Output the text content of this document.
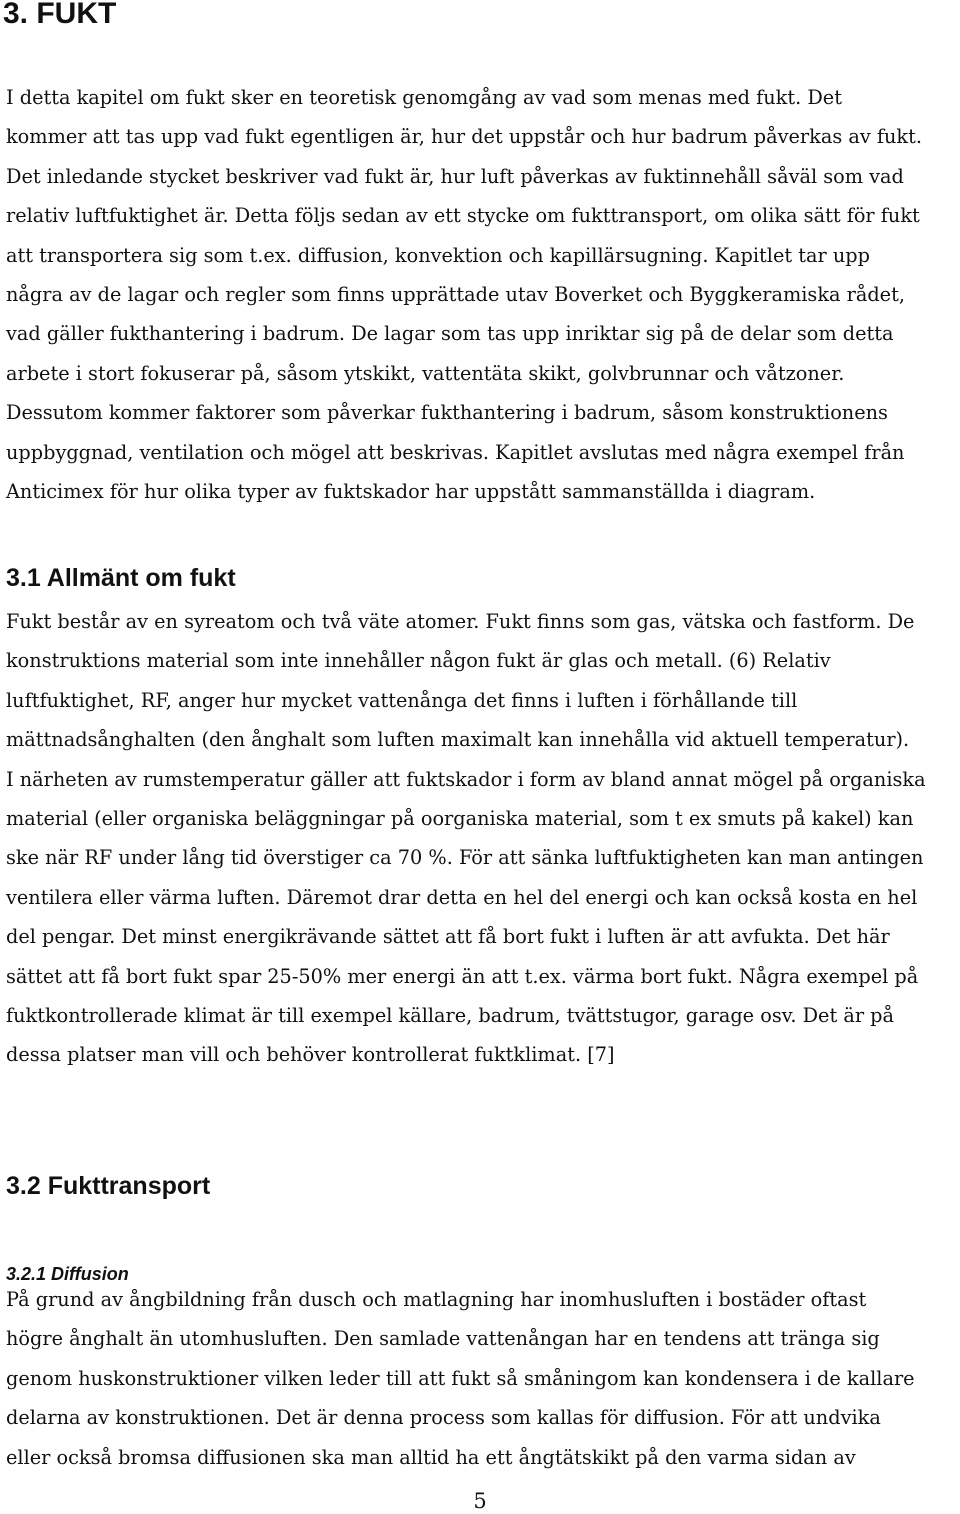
3. FUKT
I detta kapitel om fukt sker en teoretisk genomgång av vad som menas med fukt. Det
kommer att tas upp vad fukt egentligen är, hur det uppstår och hur badrum påverkas av fukt.
Det inledande stycket beskriver vad fukt är, hur luft påverkas av fuktinnehåll såväl som vad
relativ luftfuktighet är. Detta följs sedan av ett stycke om fukttransport, om olika sätt för fukt
att transportera sig som t.ex. diffusion, konvektion och kapillärsugning. Kapitlet tar upp
några av de lagar och regler som finns upprättade utav Boverket och Byggkeramiska rådet,
vad gäller fukthantering i badrum. De lagar som tas upp inriktar sig på de delar som detta
arbete i stort fokuserar på, såsom ytskikt, vattentäta skikt, golvbrunnar och våtzoner.
Dessutom kommer faktorer som påverkar fukthantering i badrum, såsom konstruktionens
uppbyggnad, ventilation och mögel att beskrivas. Kapitlet avslutas med några exempel från
Anticimex för hur olika typer av fuktskador har uppstått sammanställda i diagram.
3.1 Allmänt om fukt
Fukt består av en syreatom och två väte atomer. Fukt finns som gas, vätska och fastform. De
konstruktions material som inte innehåller någon fukt är glas och metall. (6) Relativ
luftfuktighet, RF, anger hur mycket vattenånga det finns i luften i förhållande till
mättnadsånghalten (den ånghalt som luften maximalt kan innehålla vid aktuell temperatur).
I närheten av rumstemperatur gäller att fuktskador i form av bland annat mögel på organiska
material (eller organiska beläggningar på oorganiska material, som t ex smuts på kakel) kan
ske när RF under lång tid överstiger ca 70 %. För att sänka luftfuktigheten kan man antingen
ventilera eller värma luften. Däremot drar detta en hel del energi och kan också kosta en hel
del pengar. Det minst energikrävande sättet att få bort fukt i luften är att avfukta. Det här
sättet att få bort fukt spar 25-50% mer energi än att t.ex. värma bort fukt. Några exempel på
fuktkontrollerade klimat är till exempel källare, badrum, tvättstugor, garage osv. Det är på
dessa platser man vill och behöver kontrollerat fuktklimat. [7]
3.2 Fukttransport
3.2.1 Diffusion
På grund av ångbildning från dusch och matlagning har inomhusluften i bostäder oftast
högre ånghalt än utomhusluften. Den samlade vattenångan har en tendens att tränga sig
genom huskonstruktioner vilken leder till att fukt så småningom kan kondensera i de kallare
delarna av konstruktionen. Det är denna process som kallas för diffusion. För att undvika
eller också bromsa diffusionen ska man alltid ha ett ångtätskikt på den varma sidan av
5
